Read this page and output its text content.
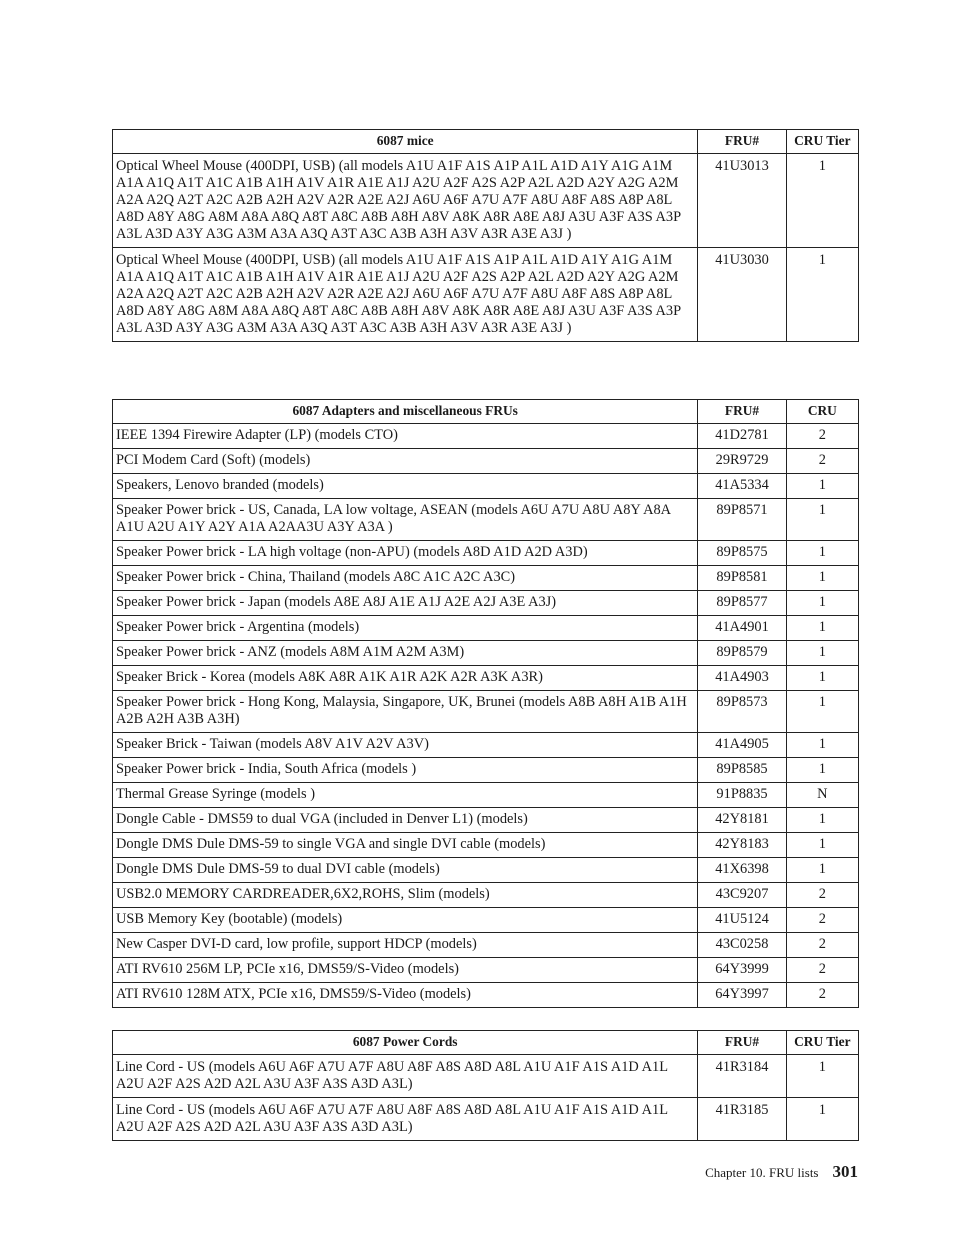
6087 mice	FRU#	CRU Tier
Optical Wheel Mouse (400DPI, USB) (all models A1U A1F A1S A1P A1L A1D A1Y A1G A1M A1A A1Q A1T A1C A1B A1H A1V A1R A1E A1J A2U A2F A2S A2P A2L A2D A2Y A2G A2M A2A A2Q A2T A2C A2B A2H A2V A2R A2E A2J A6U A6F A7U A7F A8U A8F A8S A8P A8L A8D A8Y A8G A8M A8A A8Q A8T A8C A8B A8H A8V A8K A8R A8E A8J A3U A3F A3S A3P A3L A3D A3Y A3G A3M A3A A3Q A3T A3C A3B A3H A3V A3R A3E A3J )	41U3013	1
Optical Wheel Mouse (400DPI, USB) (all models A1U A1F A1S A1P A1L A1D A1Y A1G A1M A1A A1Q A1T A1C A1B A1H A1V A1R A1E A1J A2U A2F A2S A2P A2L A2D A2Y A2G A2M A2A A2Q A2T A2C A2B A2H A2V A2R A2E A2J A6U A6F A7U A7F A8U A8F A8S A8P A8L A8D A8Y A8G A8M A8A A8Q A8T A8C A8B A8H A8V A8K A8R A8E A8J A3U A3F A3S A3P A3L A3D A3Y A3G A3M A3A A3Q A3T A3C A3B A3H A3V A3R A3E A3J )	41U3030	1
6087 Adapters and miscellaneous FRUs	FRU#	CRU
IEEE 1394 Firewire Adapter (LP) (models CTO)	41D2781	2
PCI Modem Card (Soft) (models)	29R9729	2
Speakers, Lenovo branded (models)	41A5334	1
Speaker Power brick - US, Canada, LA low voltage, ASEAN (models A6U A7U A8U A8Y A8A A1U A2U A1Y A2Y A1A A2AA3U A3Y A3A )	89P8571	1
Speaker Power brick - LA high voltage (non-APU) (models A8D A1D A2D A3D)	89P8575	1
Speaker Power brick - China, Thailand (models A8C A1C A2C A3C)	89P8581	1
Speaker Power brick - Japan (models A8E A8J A1E A1J A2E A2J A3E A3J)	89P8577	1
Speaker Power brick - Argentina (models)	41A4901	1
Speaker Power brick - ANZ (models A8M A1M A2M A3M)	89P8579	1
Speaker Brick - Korea (models A8K A8R A1K A1R A2K A2R A3K A3R)	41A4903	1
Speaker Power brick - Hong Kong, Malaysia, Singapore, UK, Brunei (models A8B A8H A1B A1H A2B A2H A3B A3H)	89P8573	1
Speaker Brick - Taiwan (models A8V A1V A2V A3V)	41A4905	1
Speaker Power brick - India, South Africa (models )	89P8585	1
Thermal Grease Syringe (models )	91P8835	N
Dongle Cable - DMS59 to dual VGA (included in Denver L1) (models)	42Y8181	1
Dongle DMS Dule DMS-59 to single VGA and single DVI cable (models)	42Y8183	1
Dongle DMS Dule DMS-59 to dual DVI cable (models)	41X6398	1
USB2.0 MEMORY CARDREADER,6X2,ROHS, Slim (models)	43C9207	2
USB Memory Key (bootable) (models)	41U5124	2
New Casper DVI-D card, low profile, support HDCP (models)	43C0258	2
ATI RV610 256M LP, PCIe x16, DMS59/S-Video (models)	64Y3999	2
ATI RV610 128M ATX, PCIe x16, DMS59/S-Video (models)	64Y3997	2
6087 Power Cords	FRU#	CRU Tier
Line Cord - US (models A6U A6F A7U A7F A8U A8F A8S A8D A8L A1U A1F A1S A1D A1L A2U A2F A2S A2D A2L A3U A3F A3S A3D A3L)	41R3184	1
Line Cord - US (models A6U A6F A7U A7F A8U A8F A8S A8D A8L A1U A1F A1S A1D A1L A2U A2F A2S A2D A2L A3U A3F A3S A3D A3L)	41R3185	1
Chapter 10. FRU lists 301
